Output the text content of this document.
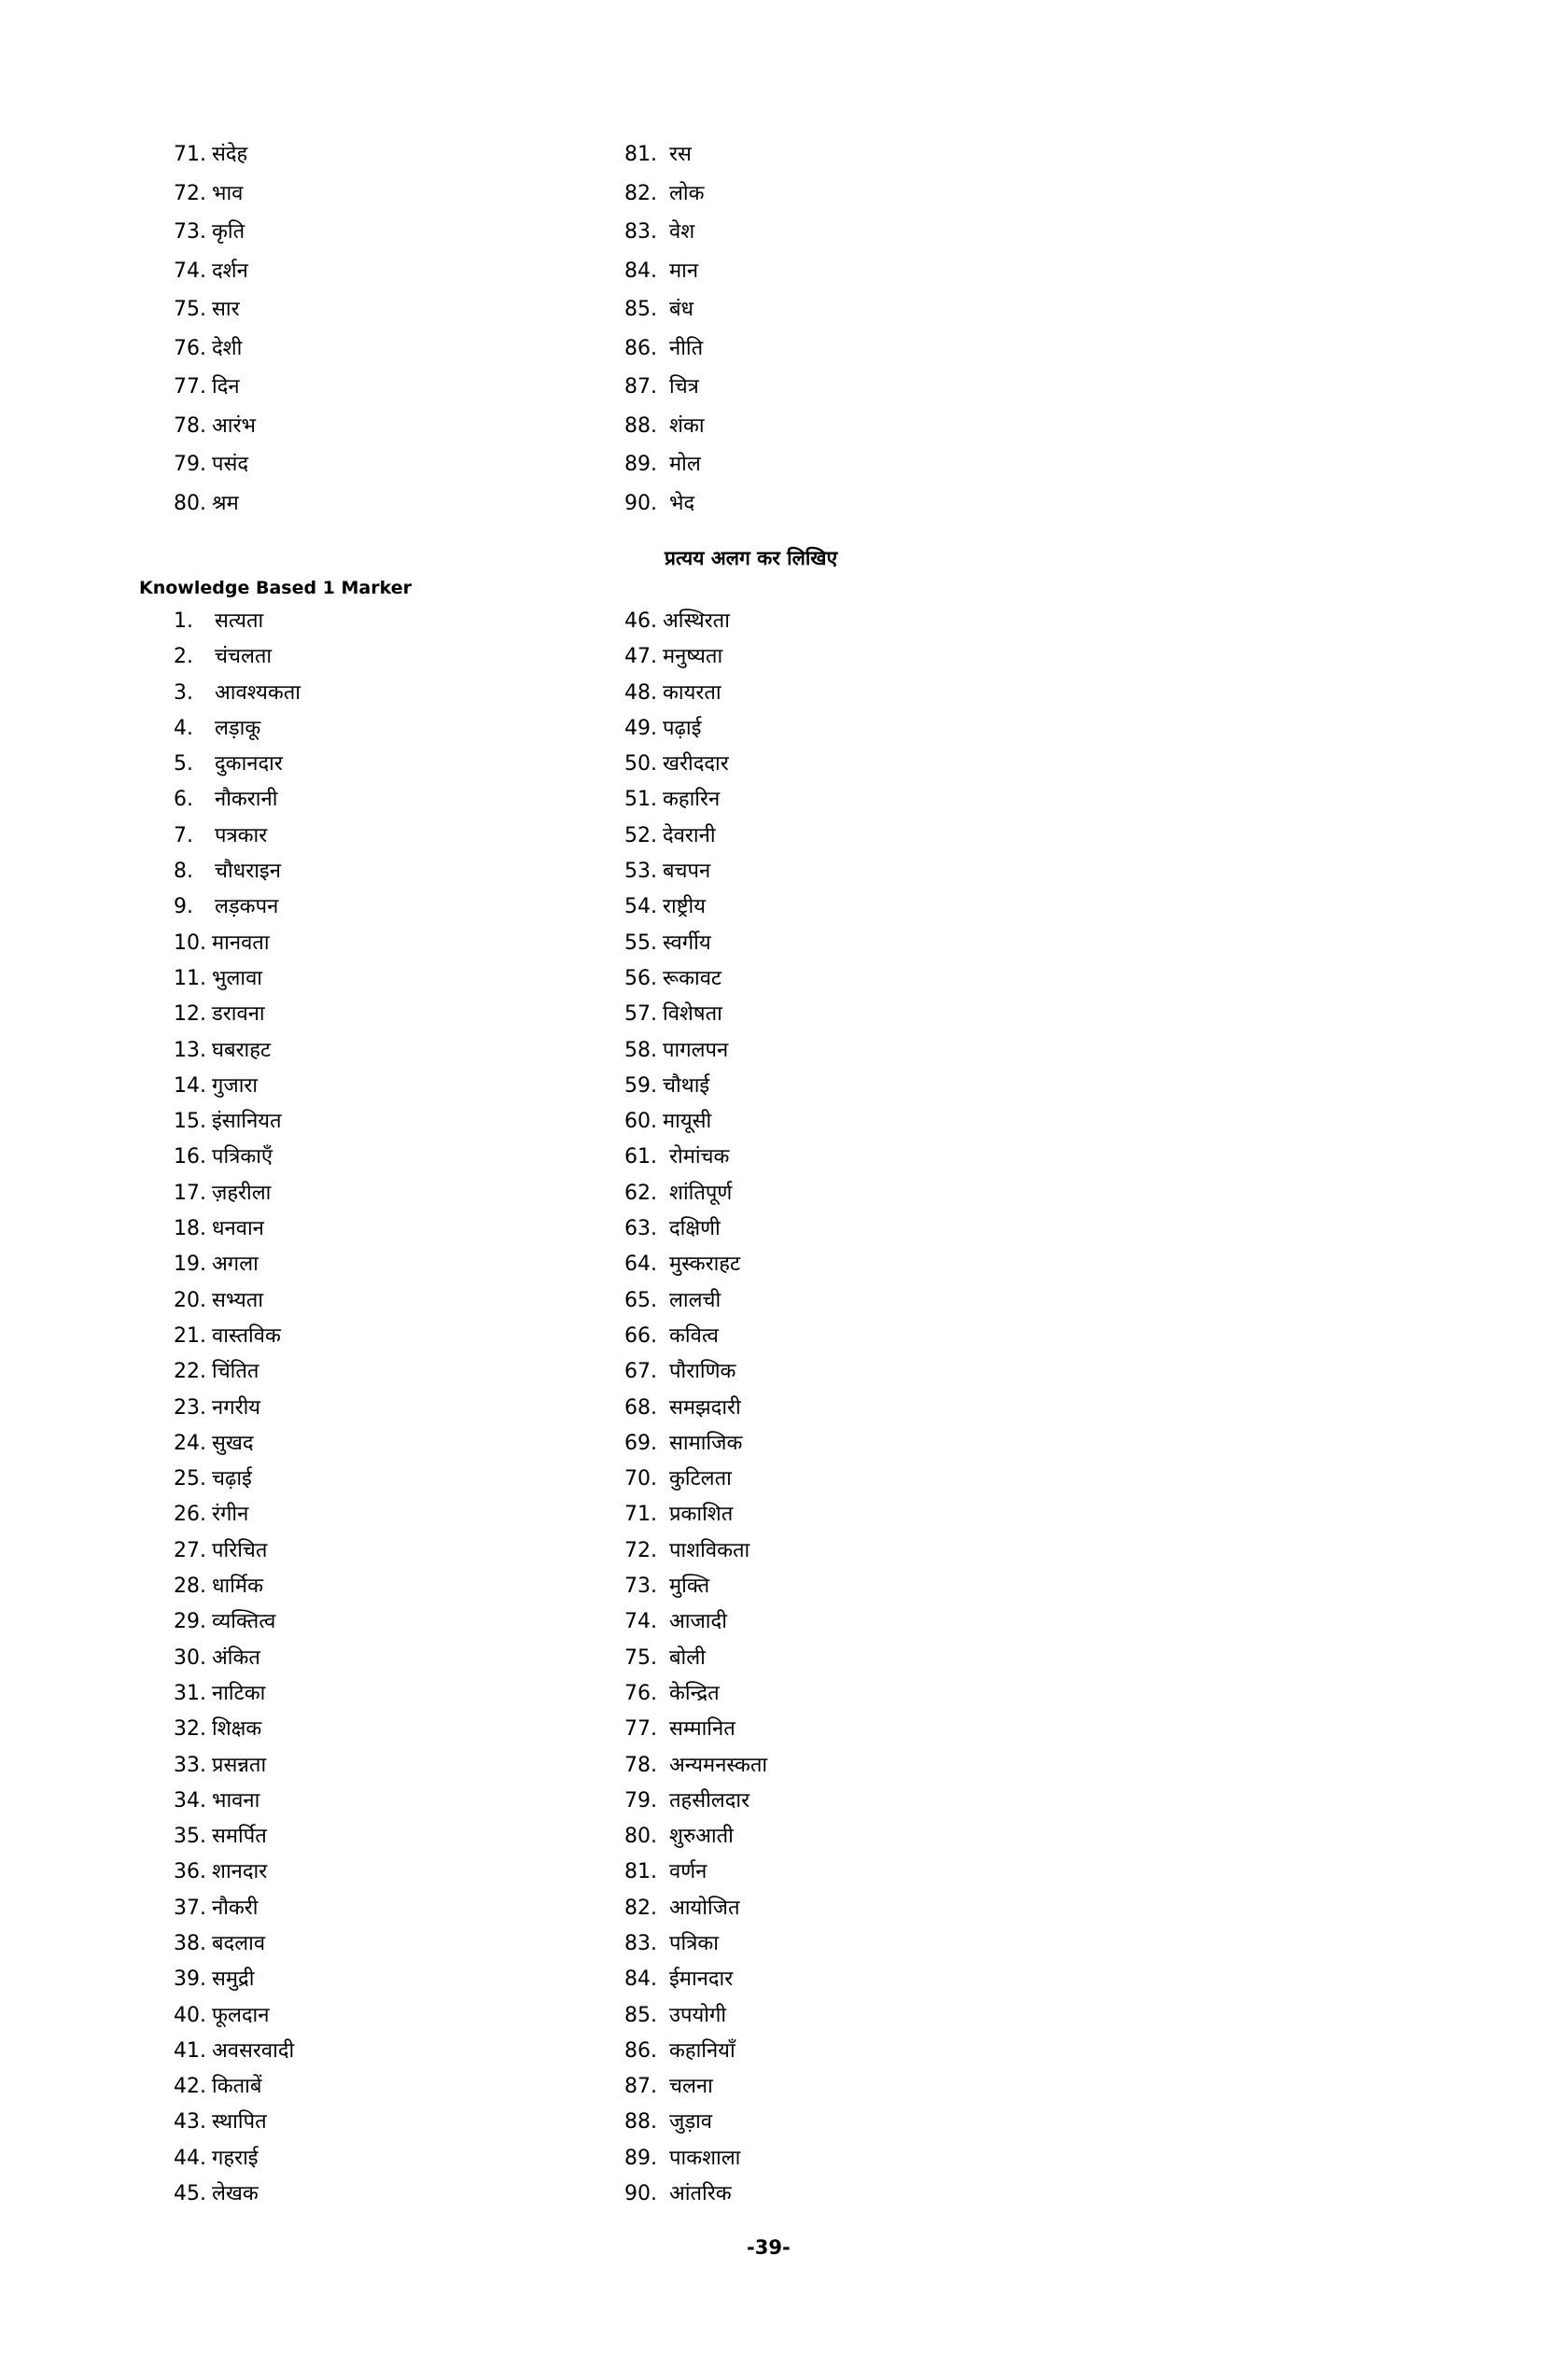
71. संदेह
72. भाव
73. कृति
74. दर्शन
75. सार
76. देशी
77. दिन
78. आरंभ
79. पसंद
80. श्रम
81. रस
82. लोक
83. वेश
84. मान
85. बंध
86. नीति
87. चित्र
88. शंका
89. मोल
90. भेद
प्रत्यय अलग कर लिखिए
Knowledge Based 1 Marker
1.	सत्यता
2.	चंचलता
3.	आवश्यकता
4.	लड़ाकू
5.	दुकानदार
6.	नौकरानी
7.	पत्रकार
8.	चौधराइन
9.	लड़कपन
10. मानवता
11. भुलावा
12. डरावना
13. घबराहट
14. गुजारा
15. इंसानियत
16. पत्रिकाएँ
17. ज़हरीला
18. धनवान
19. अगला
20. सभ्यता
21. वास्तविक
22. चिंतित
23. नगरीय
24. सुखद
25. चढ़ाई
26. रंगीन
27. परिचित
28. धार्मिक
29. व्यक्तित्व
30. अंकित
31. नाटिका
32. शिक्षक
33. प्रसन्नता
34. भावना
35. समर्पित
36. शानदार
37. नौकरी
38. बदलाव
39. समुद्री
40. फूलदान
41. अवसरवादी
42. किताबें
43. स्थापित
44. गहराई
45. लेखक
46. अस्थिरता
47. मनुष्यता
48. कायरता
49. पढ़ाई
50. खरीददार
51. कहारिन
52. देवरानी
53. बचपन
54. राष्ट्रीय
55. स्वर्गीय
56. रूकावट
57. विशेषता
58. पागलपन
59. चौथाई
60. मायूसी
61. रोमांचक
62. शांतिपूर्ण
63. दक्षिणी
64. मुस्कराहट
65. लालची
66. कवित्व
67. पौराणिक
68. समझदारी
69. सामाजिक
70. कुटिलता
71. प्रकाशित
72. पाशविकता
73. मुक्ति
74. आजादी
75. बोली
76. केन्द्रित
77. सम्मानित
78. अन्यमनस्कता
79. तहसीलदार
80. शुरुआती
81. वर्णन
82. आयोजित
83. पत्रिका
84. ईमानदार
85. उपयोगी
86. कहानियाँ
87. चलना
88. जुड़ाव
89. पाकशाला
90. आंतरिक
-39-
